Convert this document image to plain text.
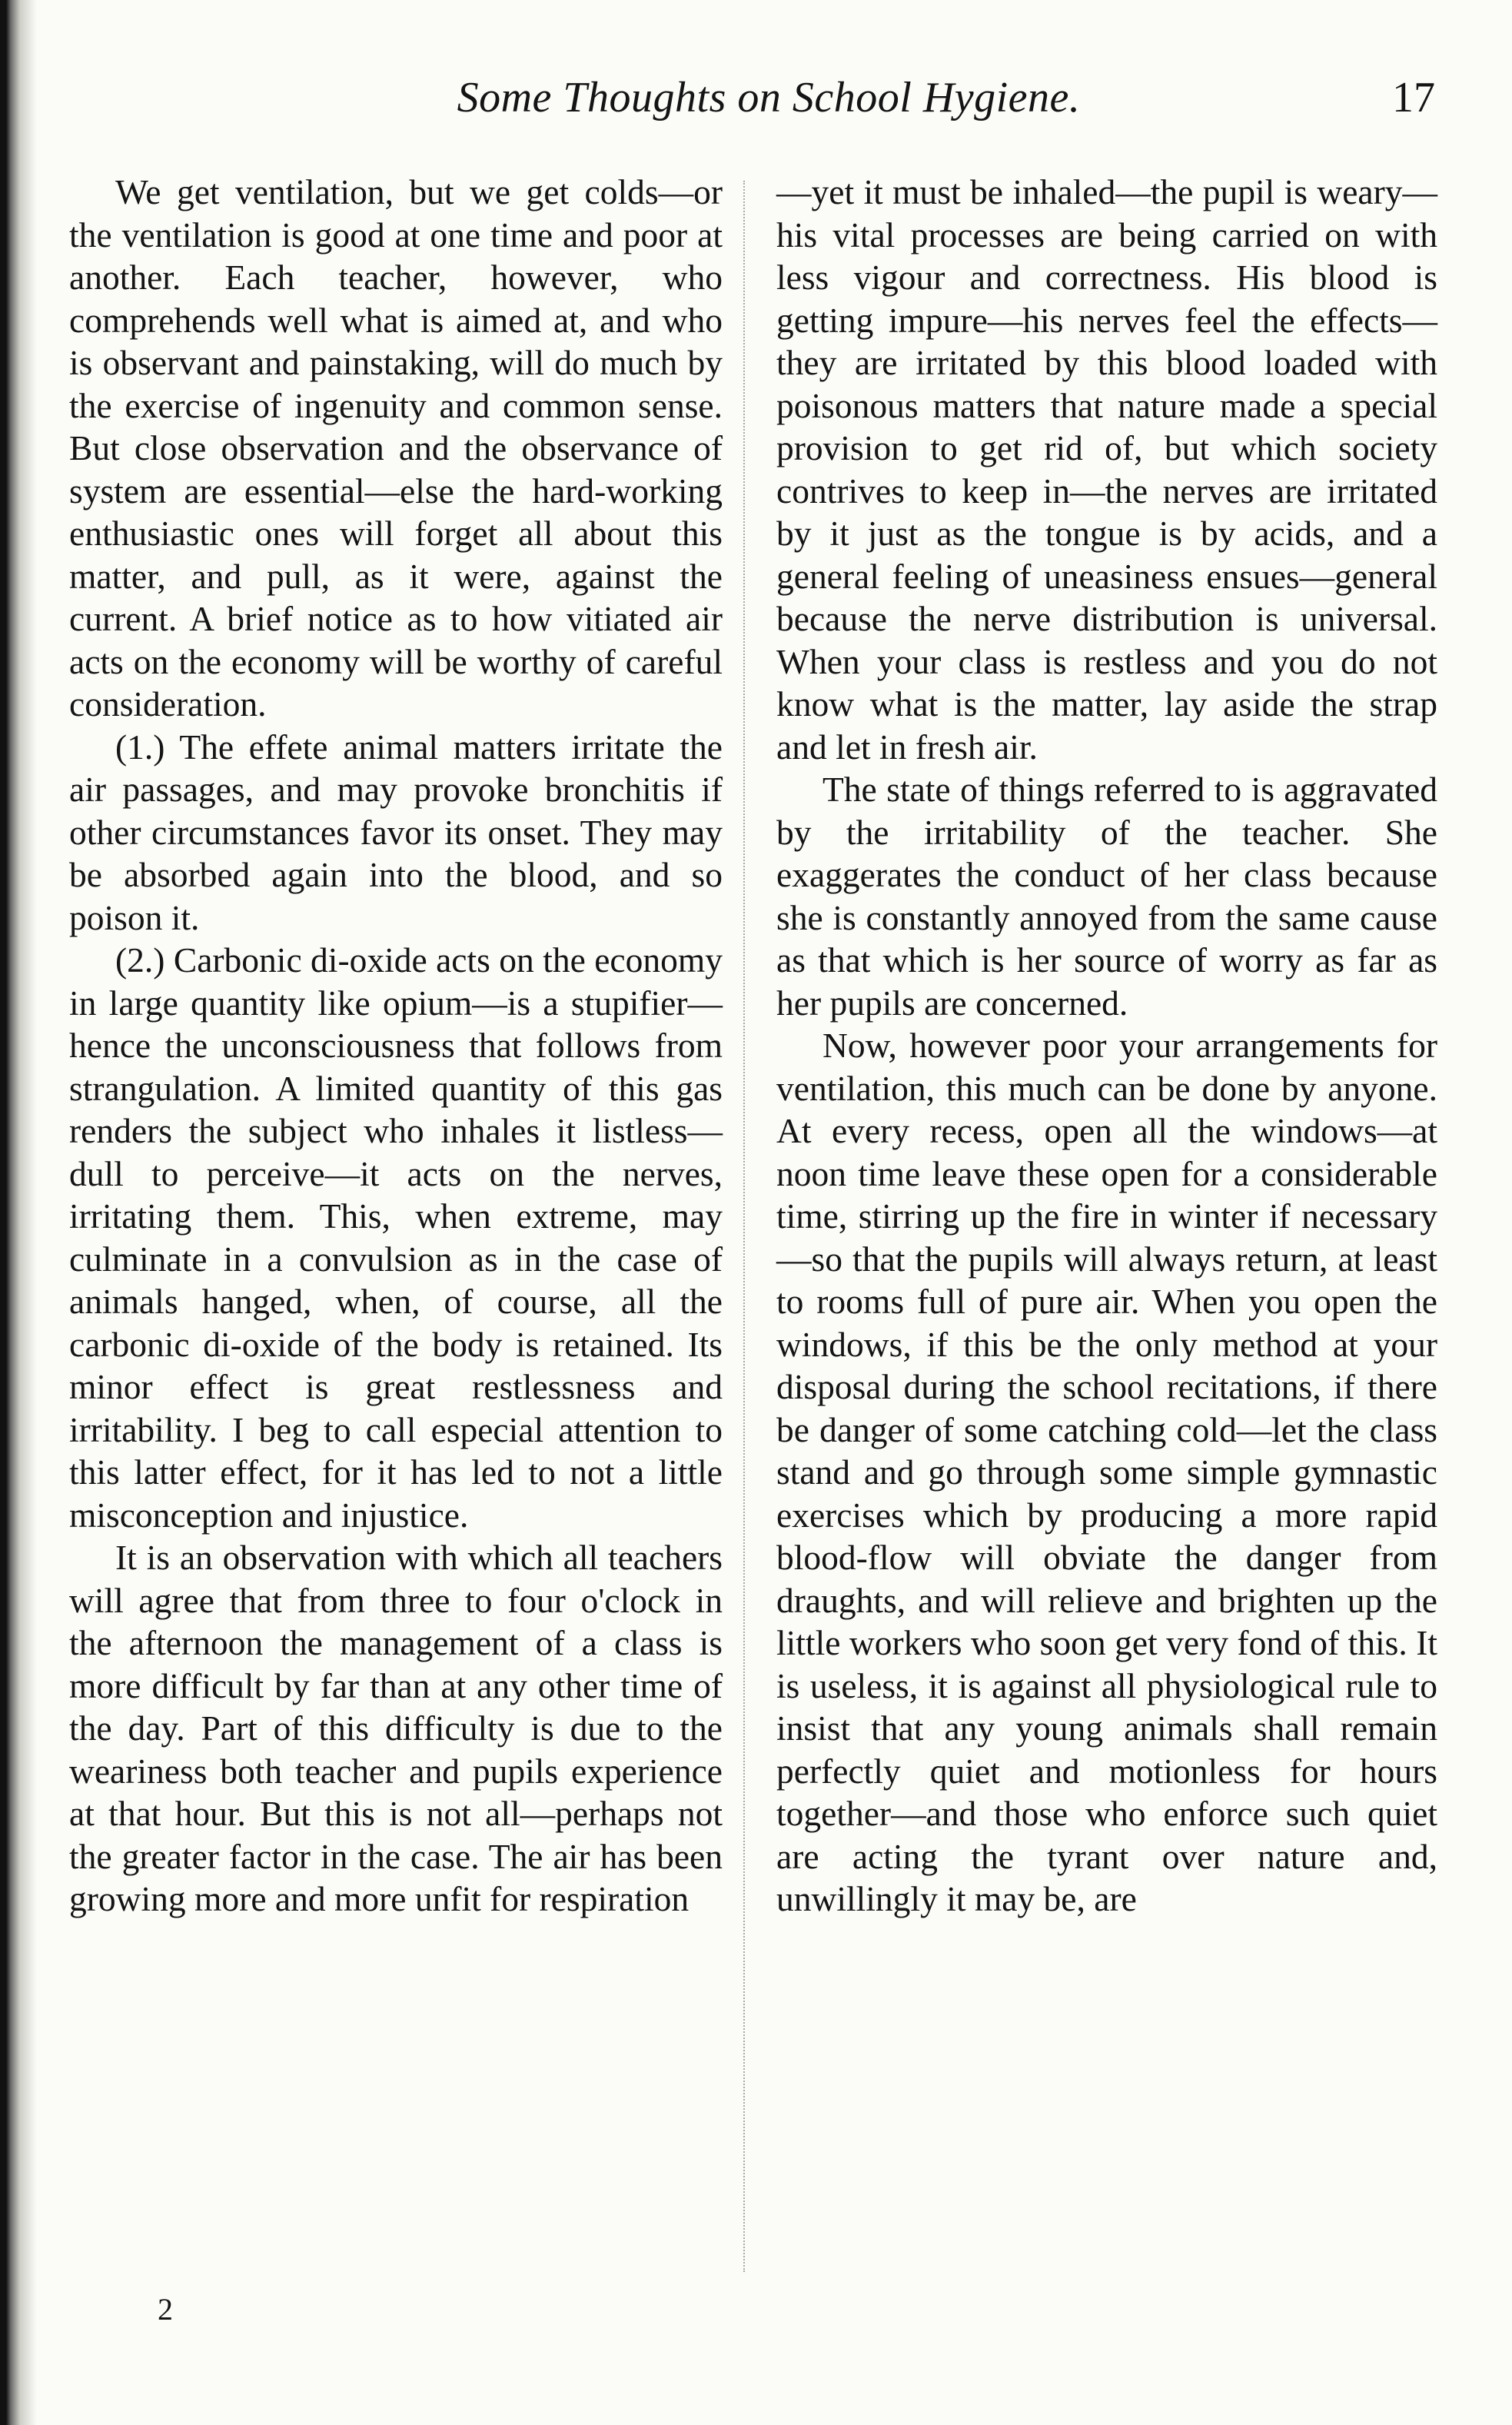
Some Thoughts on School Hygiene.	17

We get ventilation, but we get colds—or the ventilation is good at one time and poor at another. Each teacher, however, who comprehends well what is aimed at, and who is observant and painstaking, will do much by the exercise of ingenuity and common sense. But close observation and the observance of system are essential—else the hard-working enthusiastic ones will forget all about this matter, and pull, as it were, against the current. A brief notice as to how vitiated air acts on the economy will be worthy of careful consideration.

(1.) The effete animal matters irritate the air passages, and may provoke bronchitis if other circumstances favor its onset. They may be absorbed again into the blood, and so poison it.

(2.) Carbonic di-oxide acts on the economy in large quantity like opium—is a stupifier—hence the unconsciousness that follows from strangulation. A limited quantity of this gas renders the subject who inhales it listless—dull to perceive—it acts on the nerves, irritating them. This, when extreme, may culminate in a convulsion as in the case of animals hanged, when, of course, all the carbonic di-oxide of the body is retained. Its minor effect is great restlessness and irritability. I beg to call especial attention to this latter effect, for it has led to not a little misconception and injustice.

It is an observation with which all teachers will agree that from three to four o'clock in the afternoon the management of a class is more difficult by far than at any other time of the day. Part of this difficulty is due to the weariness both teacher and pupils experience at that hour. But this is not all—perhaps not the greater factor in the case. The air has been growing more and more unfit for respiration

—yet it must be inhaled—the pupil is weary—his vital processes are being carried on with less vigour and correctness. His blood is getting impure—his nerves feel the effects—they are irritated by this blood loaded with poisonous matters that nature made a special provision to get rid of, but which society contrives to keep in—the nerves are irritated by it just as the tongue is by acids, and a general feeling of uneasiness ensues—general because the nerve distribution is universal. When your class is restless and you do not know what is the matter, lay aside the strap and let in fresh air.

The state of things referred to is aggravated by the irritability of the teacher. She exaggerates the conduct of her class because she is constantly annoyed from the same cause as that which is her source of worry as far as her pupils are concerned.

Now, however poor your arrangements for ventilation, this much can be done by anyone. At every recess, open all the windows—at noon time leave these open for a considerable time, stirring up the fire in winter if necessary—so that the pupils will always return, at least to rooms full of pure air. When you open the windows, if this be the only method at your disposal during the school recitations, if there be danger of some catching cold—let the class stand and go through some simple gymnastic exercises which by producing a more rapid blood-flow will obviate the danger from draughts, and will relieve and brighten up the little workers who soon get very fond of this. It is useless, it is against all physiological rule to insist that any young animals shall remain perfectly quiet and motionless for hours together—and those who enforce such quiet are acting the tyrant over nature and, unwillingly it may be, are

2
